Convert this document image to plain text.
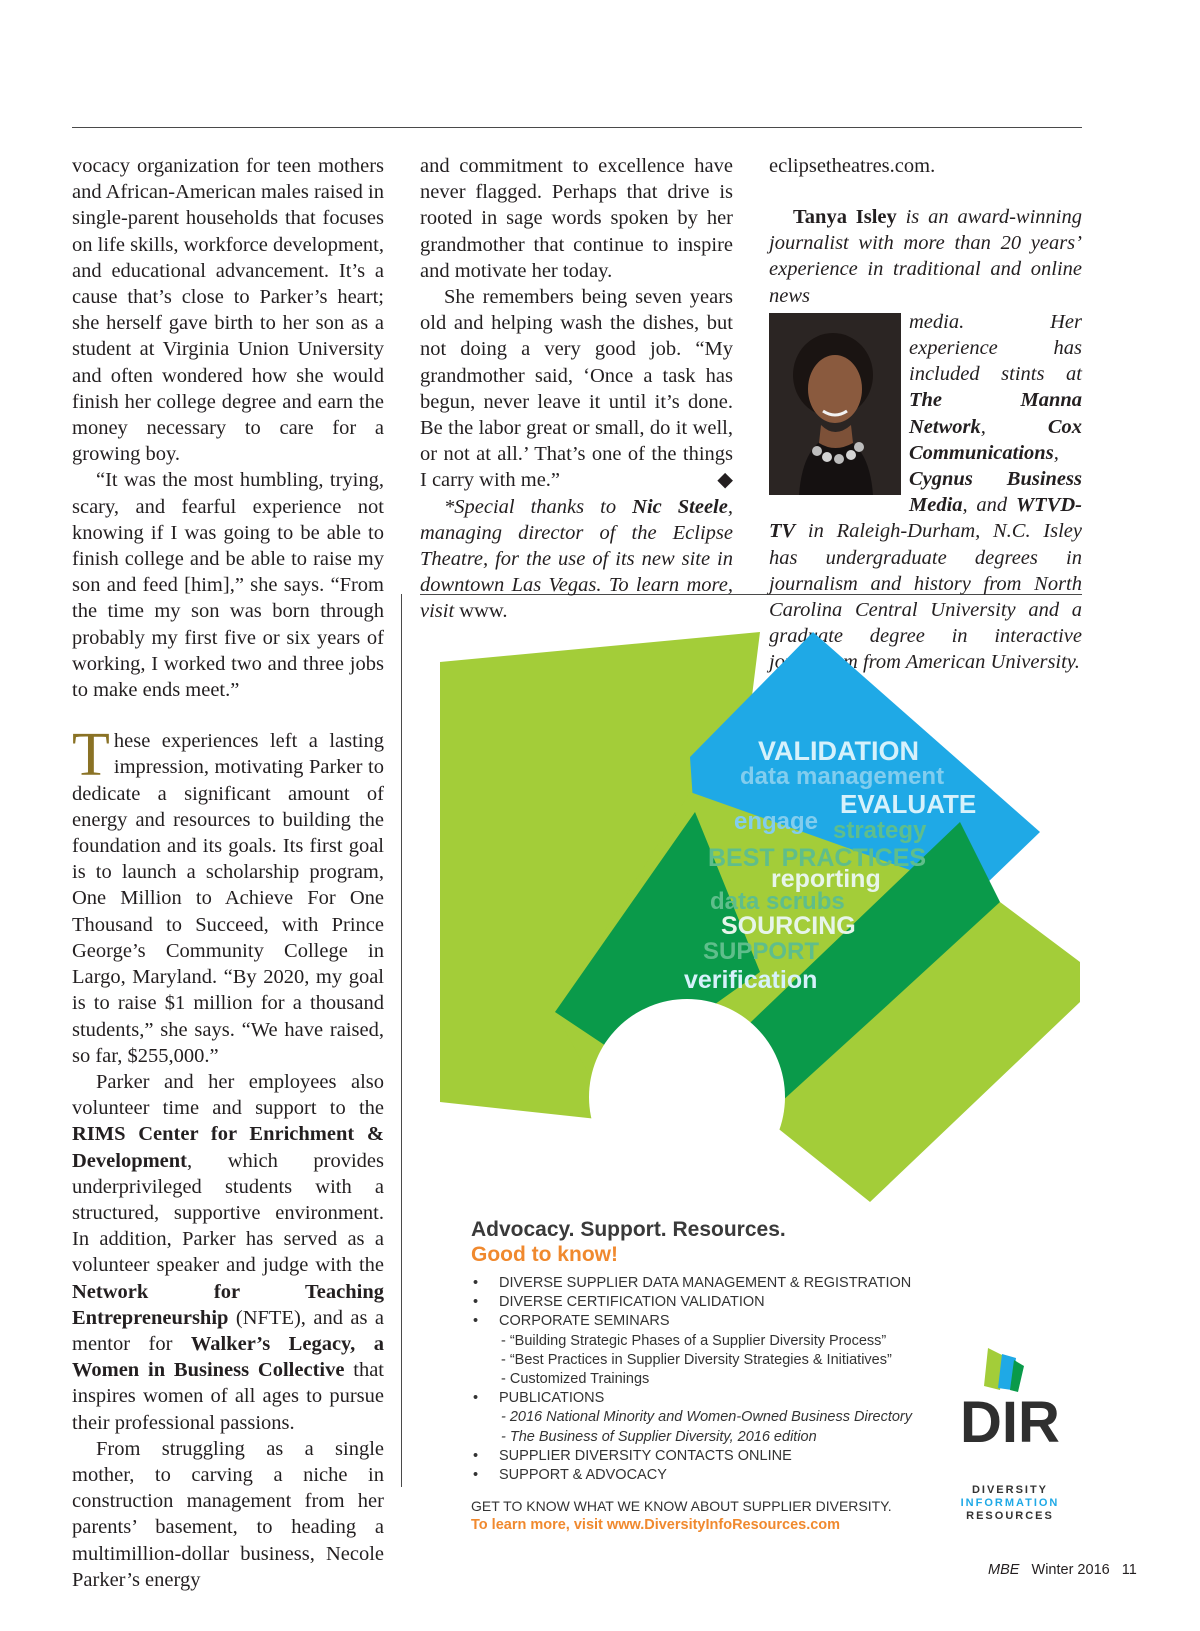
vocacy organization for teen mothers and African-American males raised in single-parent households that focuses on life skills, workforce development, and educational advancement. It’s a cause that’s close to Parker’s heart; she herself gave birth to her son as a student at Virginia Union University and often wondered how she would finish her college degree and earn the money necessary to care for a growing boy.

“It was the most humbling, trying, scary, and fearful experience not knowing if I was going to be able to finish college and be able to raise my son and feed [him],” she says. “From the time my son was born through probably my first five or six years of working, I worked two and three jobs to make ends meet.”

These experiences left a lasting impression, motivating Parker to dedicate a significant amount of energy and resources to building the foundation and its goals. Its first goal is to launch a scholarship program, One Million to Achieve For One Thousand to Succeed, with Prince George’s Community College in Largo, Maryland. “By 2020, my goal is to raise $1 million for a thousand students,” she says. “We have raised, so far, $255,000.”

Parker and her employees also volunteer time and support to the RIMS Center for Enrichment & Development, which provides underprivileged students with a structured, supportive environment. In addition, Parker has served as a volunteer speaker and judge with the Network for Teaching Entrepreneurship (NFTE), and as a mentor for Walker’s Legacy, a Women in Business Collective that inspires women of all ages to pursue their professional passions.

From struggling as a single mother, to carving a niche in construction management from her parents’ basement, to heading a multimillion-dollar business, Necole Parker’s energy

and commitment to excellence have never flagged. Perhaps that drive is rooted in sage words spoken by her grandmother that continue to inspire and motivate her today.

She remembers being seven years old and helping wash the dishes, but not doing a very good job. “My grandmother said, ‘Once a task has begun, never leave it until it’s done. Be the labor great or small, do it well, or not at all.’ That’s one of the things I carry with me.”	◆

*Special thanks to Nic Steele, managing director of the Eclipse Theatre, for the use of its new site in downtown Las Vegas. To learn more, visit www.

eclipsetheatres.com.

Tanya Isley is an award-winning journalist with more than 20 years’ experience in traditional and online news

media. Her experience has included stints at The Manna Network, Cox Communications, Cygnus Business Media, and WTVD-TV in Raleigh-Durham, N.C. Isley has undergraduate degrees in journalism and history from North Carolina Central University and a graduate degree in interactive journalism from American University.

VALIDATION
data management
EVALUATE
engage strategy
BEST PRACTICES
reporting
data scrubs
SOURCING
SUPPORT
verification
Advocacy. Support. Resources.
Good to know!
• DIVERSE SUPPLIER DATA MANAGEMENT & REGISTRATION
• DIVERSE CERTIFICATION VALIDATION
• CORPORATE SEMINARS
- “Building Strategic Phases of a Supplier Diversity Process”
- “Best Practices in Supplier Diversity Strategies & Initiatives”
- Customized Trainings
• PUBLICATIONS
- 2016 National Minority and Women-Owned Business Directory
- The Business of Supplier Diversity, 2016 edition
• SUPPLIER DIVERSITY CONTACTS ONLINE
• SUPPORT & ADVOCACY
GET TO KNOW WHAT WE KNOW ABOUT SUPPLIER DIVERSITY.
To learn more, visit www.DiversityInfoResources.com
DIR
DIVERSITY
INFORMATION
RESOURCES
MBE Winter 2016 11
